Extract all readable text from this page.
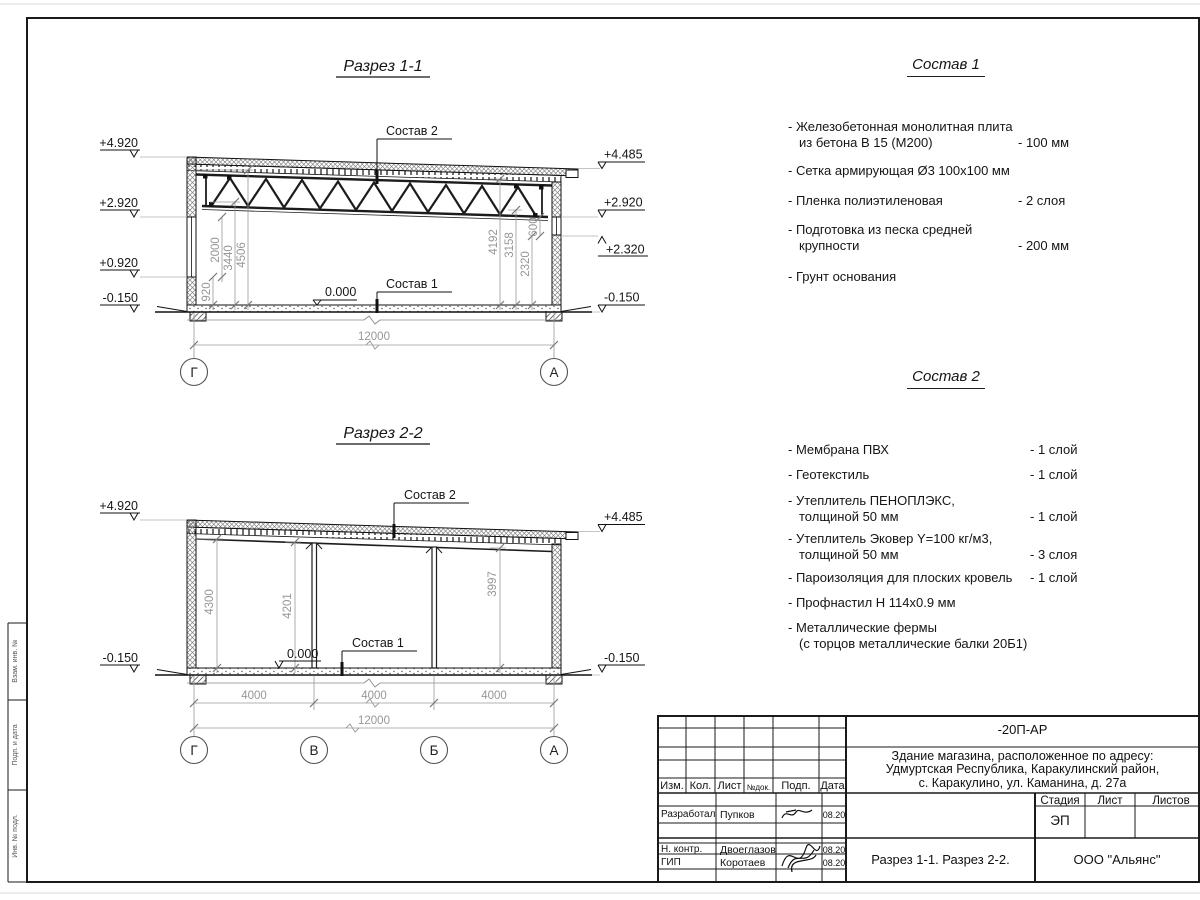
Взам. инв. №
Подп. и дата
Инв. № подл.
Разрез 1-1
+4.920
+2.920
+0.920
-0.150
+4.485
+2.920
+2.320
-0.150
920
2000 3440 4506
4192 3158
2320
600
0.000
Состав 2
Состав 1
12000
Г	А
Разрез 2-2
+4.920
-0.150
+4.485
-0.150
4300	4201
3997
0.000
Состав 2
Состав 1
4000	4000	4000
12000
Г	В	Б	А
Состав 1
- Железобетонная монолитная плита
из бетона В 15 (М200)	- 100 мм
- Сетка армирующая Ø3 100х100 мм
- Пленка полиэтиленовая	- 2 слоя
- Подготовка из песка средней
крупности	- 200 мм
- Грунт основания
Состав 2
- Мембрана ПВХ	- 1 слой
- Геотекстиль	- 1 слой
- Утеплитель ПЕНОПЛЭКС,
толщиной 50 мм	- 1 слой
- Утеплитель Эковер Y=100 кг/м3,
толщиной 50 мм	- 3 слоя
- Пароизоляция для плоских кровель	- 1 слой
- Профнастил Н 114х0.9 мм
- Металлические фермы
(с торцов металлические балки 20Б1)
-20П-АР
Здание магазина, расположенное по адресу:
Удмуртская Республика, Каракулинский район,
с. Каракулино, ул. Каманина, д. 27а
Изм. Кол. Лист №док.	Подп. Дата
Разработал Пупков	08.20
Н. контр. Двоеглазов	08.20
ГИП	Коротаев	08.20
Стадия	Лист	Листов
ЭП
Разрез 1-1. Разрез 2-2.	ООО "Альянс"
